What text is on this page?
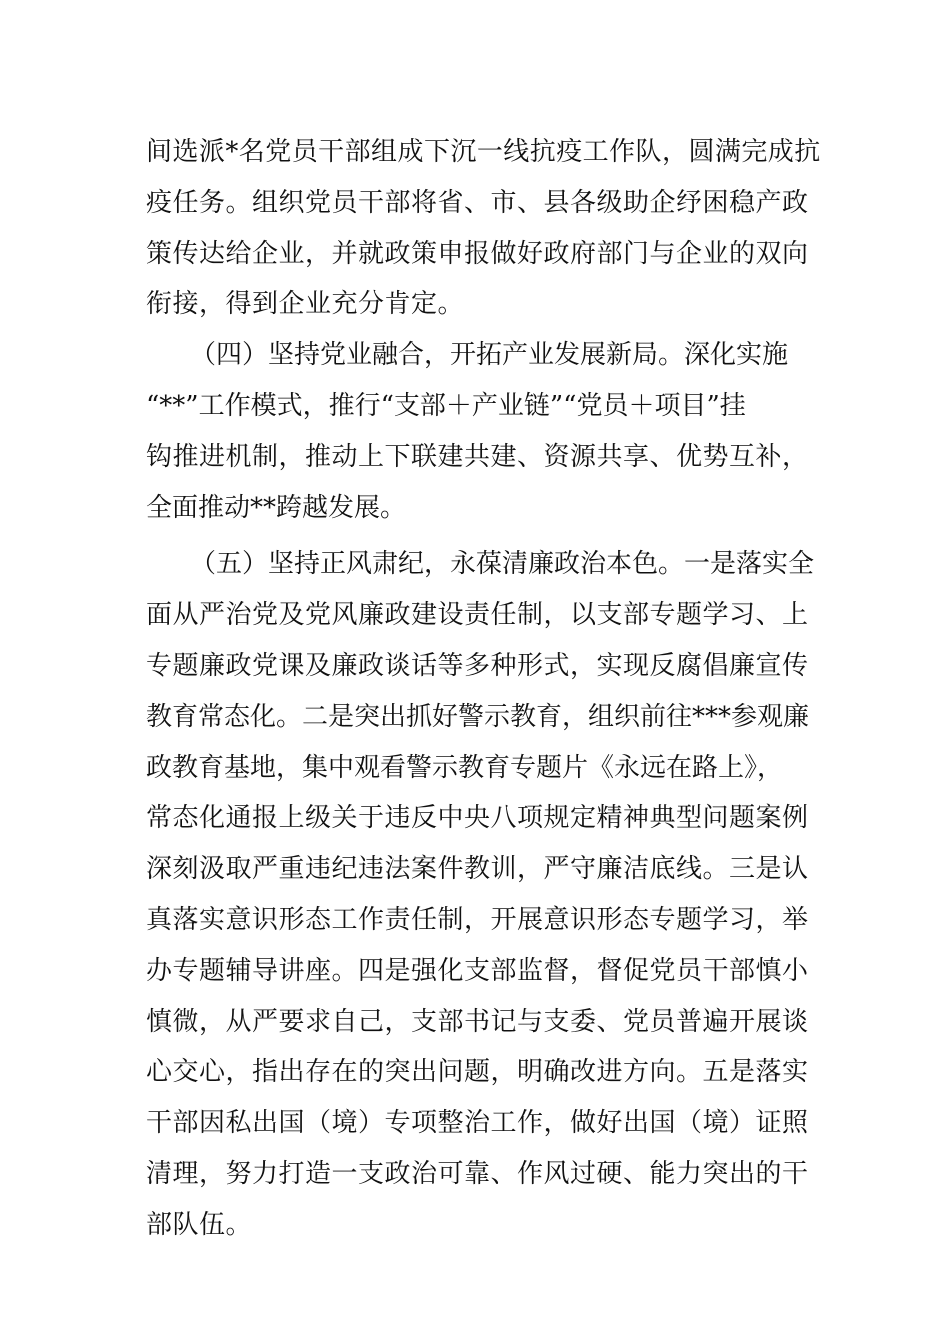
间选派*名党员干部组成下沉一线抗疫工作队，圆满完成抗
疫任务。组织党员干部将省、市、县各级助企纾困稳产政
策传达给企业，并就政策申报做好政府部门与企业的双向
衔接，得到企业充分肯定。
（四）坚持党业融合，开拓产业发展新局。深化实施
“**”工作模式，推行“支部＋产业链”“党员＋项目”挂
钩推进机制，推动上下联建共建、资源共享、优势互补，
全面推动**跨越发展。
（五）坚持正风肃纪，永葆清廉政治本色。一是落实全
面从严治党及党风廉政建设责任制，以支部专题学习、上
专题廉政党课及廉政谈话等多种形式，实现反腐倡廉宣传
教育常态化。二是突出抓好警示教育，组织前往***参观廉
政教育基地，集中观看警示教育专题片《永远在路上》，
常态化通报上级关于违反中央八项规定精神典型问题案例
深刻汲取严重违纪违法案件教训，严守廉洁底线。三是认
真落实意识形态工作责任制，开展意识形态专题学习，举
办专题辅导讲座。四是强化支部监督，督促党员干部慎小
慎微，从严要求自己，支部书记与支委、党员普遍开展谈
心交心，指出存在的突出问题，明确改进方向。五是落实
干部因私出国（境）专项整治工作，做好出国（境）证照
清理，努力打造一支政治可靠、作风过硬、能力突出的干
部队伍。
